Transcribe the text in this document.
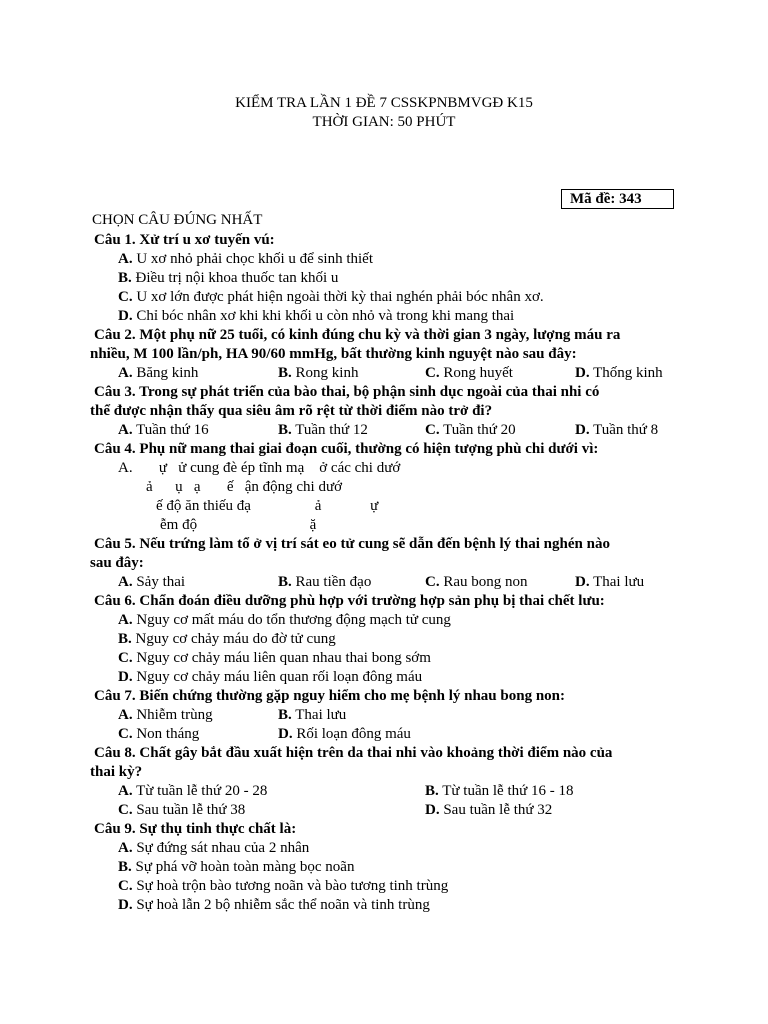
KIỂM TRA LẦN 1 ĐỀ 7 CSSKPNBMVGĐ K15
THỜI GIAN: 50 PHÚT
Mã đề: 343
CHỌN CÂU ĐÚNG NHẤT
Câu 1. Xử trí u xơ tuyến vú:
A. U xơ nhỏ phải chọc khối u để sinh thiết
B. Điều trị nội khoa thuốc tan khối u
C. U xơ lớn được phát hiện ngoài thời kỳ thai nghén phải bóc nhân xơ.
D. Chỉ bóc nhân xơ khi khi khối u còn nhỏ và trong khi mang thai
Câu 2. Một phụ nữ 25 tuổi, có kinh đúng chu kỳ và thời gian 3 ngày, lượng máu ra
nhiều, M 100 lần/ph, HA 90/60 mmHg, bất thường kinh nguyệt nào sau đây:
A. Băng kinh	B. Rong kinh	C. Rong huyết	D. Thống kinh
Câu 3. Trong sự phát triển của bào thai, bộ phận sinh dục ngoài của thai nhi có
thể được nhận thấy qua siêu âm rõ rệt từ thời điểm nào trở đi?
A. Tuần thứ 16	B. Tuần thứ 12	C. Tuần thứ 20	D. Tuần thứ 8
Câu 4. Phụ nữ mang thai giai đoạn cuối, thường có hiện tượng phù chi dưới vì:
A.       ự   ử cung đè ép tĩnh mạ    ở các chi dướ
ả      ụ   ạ       ế   ận động chi dướ
ế độ ăn thiếu đạ                 ả             ự
ễm độ                              ặ
Câu 5. Nếu trứng làm tổ ở vị trí sát eo tử cung sẽ dẫn đến bệnh lý thai nghén nào
sau đây:
A. Sảy thai	B. Rau tiền đạo	C. Rau bong non	D. Thai lưu
Câu 6. Chẩn đoán điều dưỡng phù hợp với trường hợp sản phụ bị thai chết lưu:
A. Nguy cơ mất máu do tổn thương động mạch tử cung
B. Nguy cơ chảy máu do đờ tử cung
C. Nguy cơ chảy máu liên quan nhau thai bong sớm
D. Nguy cơ chảy máu liên quan rối loạn đông máu
Câu 7. Biến chứng thường gặp nguy hiểm cho mẹ bệnh lý nhau bong non:
A. Nhiễm trùng	B. Thai lưu
C. Non tháng	D. Rối loạn đông máu
Câu 8. Chất gây bắt đầu xuất hiện trên da thai nhi vào khoảng thời điểm nào của
thai kỳ?
A. Từ tuần lễ thứ 20 - 28	B. Từ tuần lễ thứ 16 - 18
C. Sau tuần lễ thứ 38	D. Sau tuần lễ thứ 32
Câu 9. Sự thụ tinh thực chất là:
A. Sự đứng sát nhau của 2 nhân
B. Sự phá vỡ hoàn toàn màng bọc noãn
C. Sự hoà trộn bào tương noãn và bào tương tinh trùng
D. Sự hoà lẫn 2 bộ nhiễm sắc thể noãn và tinh trùng
